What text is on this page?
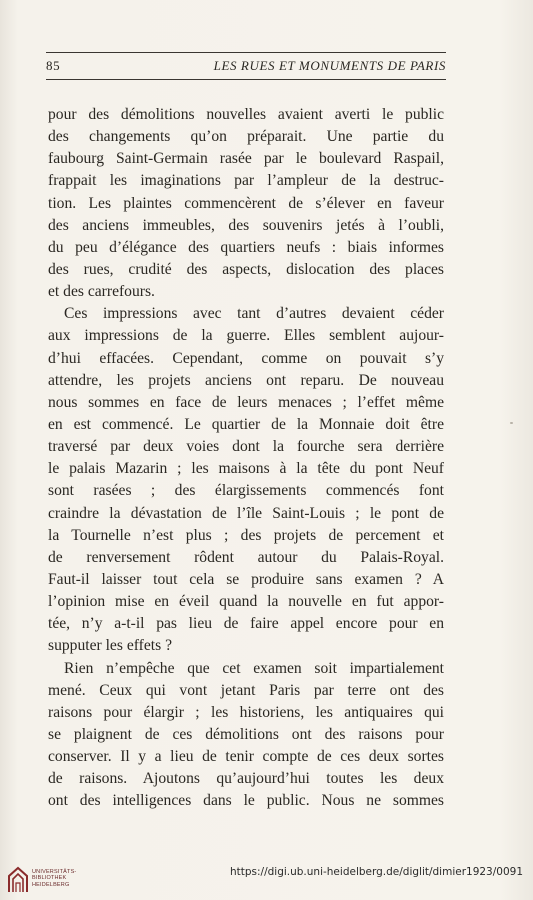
85	LES RUES ET MONUMENTS DE PARIS
pour des démolitions nouvelles avaient averti le public
des changements qu’on préparait. Une partie du
faubourg Saint-Germain rasée par le boulevard Raspail,
frappait les imaginations par l’ampleur de la destruc-
tion. Les plaintes commencèrent de s’élever en faveur
des anciens immeubles, des souvenirs jetés à l’oubli,
du peu d’élégance des quartiers neufs : biais informes
des rues, crudité des aspects, dislocation des places
et des carrefours.
Ces impressions avec tant d’autres devaient céder
aux impressions de la guerre. Elles semblent aujour-
d’hui effacées. Cependant, comme on pouvait s’y
attendre, les projets anciens ont reparu. De nouveau
nous sommes en face de leurs menaces ; l’effet même
en est commencé. Le quartier de la Monnaie doit être
traversé par deux voies dont la fourche sera derrière
le palais Mazarin ; les maisons à la tête du pont Neuf
sont rasées ; des élargissements commencés font
craindre la dévastation de l’île Saint-Louis ; le pont de
la Tournelle n’est plus ; des projets de percement et
de renversement rôdent autour du Palais-Royal.
Faut-il laisser tout cela se produire sans examen ? A
l’opinion mise en éveil quand la nouvelle en fut appor-
tée, n’y a-t-il pas lieu de faire appel encore pour en
supputer les effets ?
Rien n’empêche que cet examen soit impartialement
mené. Ceux qui vont jetant Paris par terre ont des
raisons pour élargir ; les historiens, les antiquaires qui
se plaignent de ces démolitions ont des raisons pour
conserver. Il y a lieu de tenir compte de ces deux sortes
de raisons. Ajoutons qu’aujourd’hui toutes les deux
ont des intelligences dans le public. Nous ne sommes
UNIVERSITÄTS-
BIBLIOTHEK
HEIDELBERG
https://digi.ub.uni-heidelberg.de/diglit/dimier1923/0091
